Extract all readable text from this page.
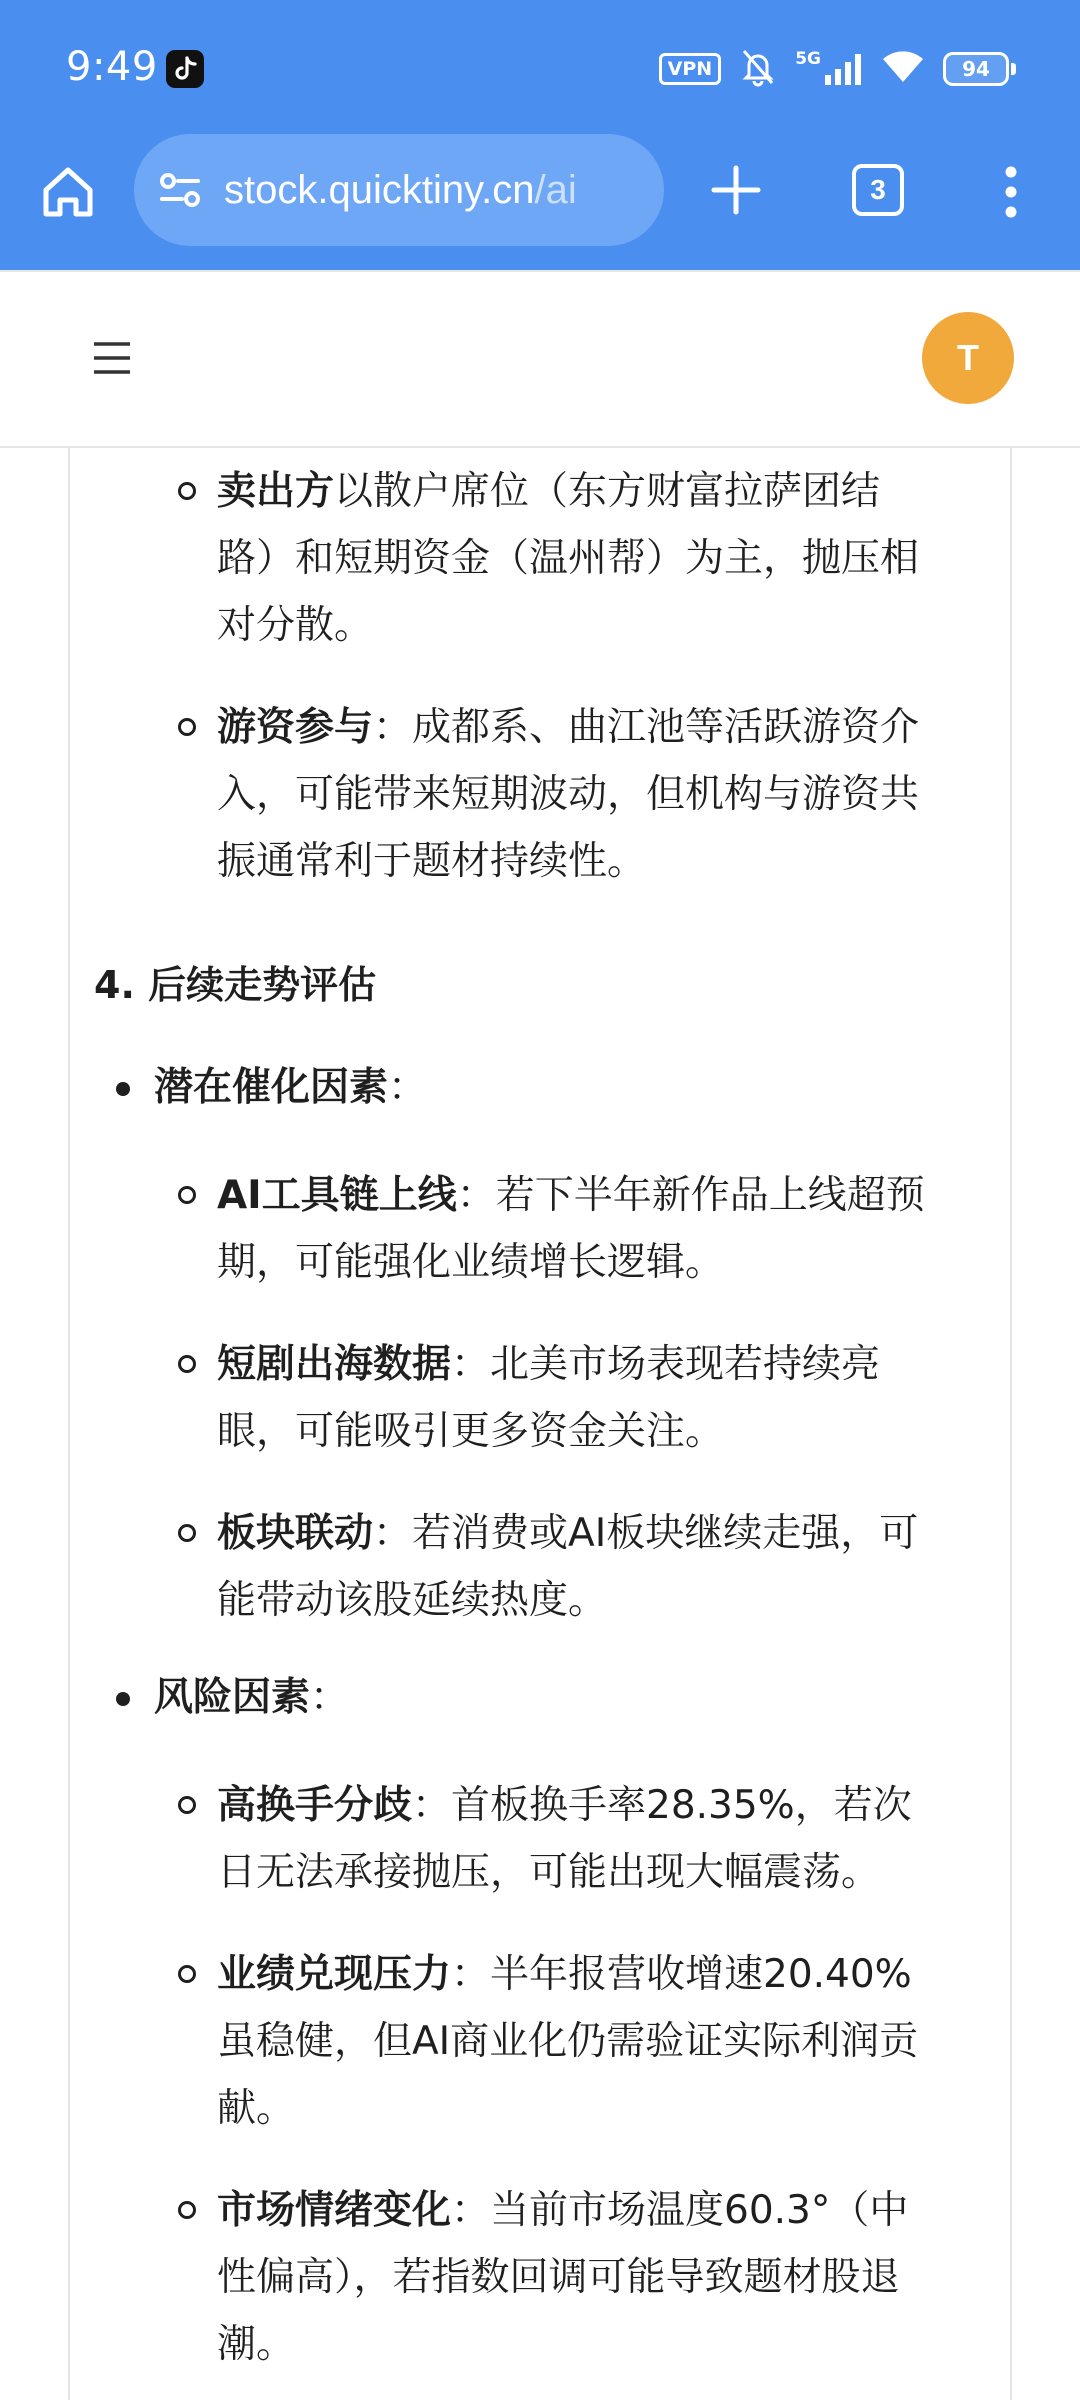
9:49	VPN	5G	94
stock.quicktiny.cn/ai	3
T
卖出方以散户席位（东方财富拉萨团结
路）和短期资金（温州帮）为主，抛压相
对分散。
游资参与：成都系、曲江池等活跃游资介
入，可能带来短期波动，但机构与游资共
振通常利于题材持续性。
4. 后续走势评估
潜在催化因素：
AI工具链上线：若下半年新作品上线超预
期，可能强化业绩增长逻辑。
短剧出海数据：北美市场表现若持续亮
眼，可能吸引更多资金关注。
板块联动：若消费或AI板块继续走强，可
能带动该股延续热度。
风险因素：
高换手分歧：首板换手率28.35%，若次
日无法承接抛压，可能出现大幅震荡。
业绩兑现压力：半年报营收增速20.40%
虽稳健，但AI商业化仍需验证实际利润贡
献。
市场情绪变化：当前市场温度60.3°（中
性偏高），若指数回调可能导致题材股退
潮。
